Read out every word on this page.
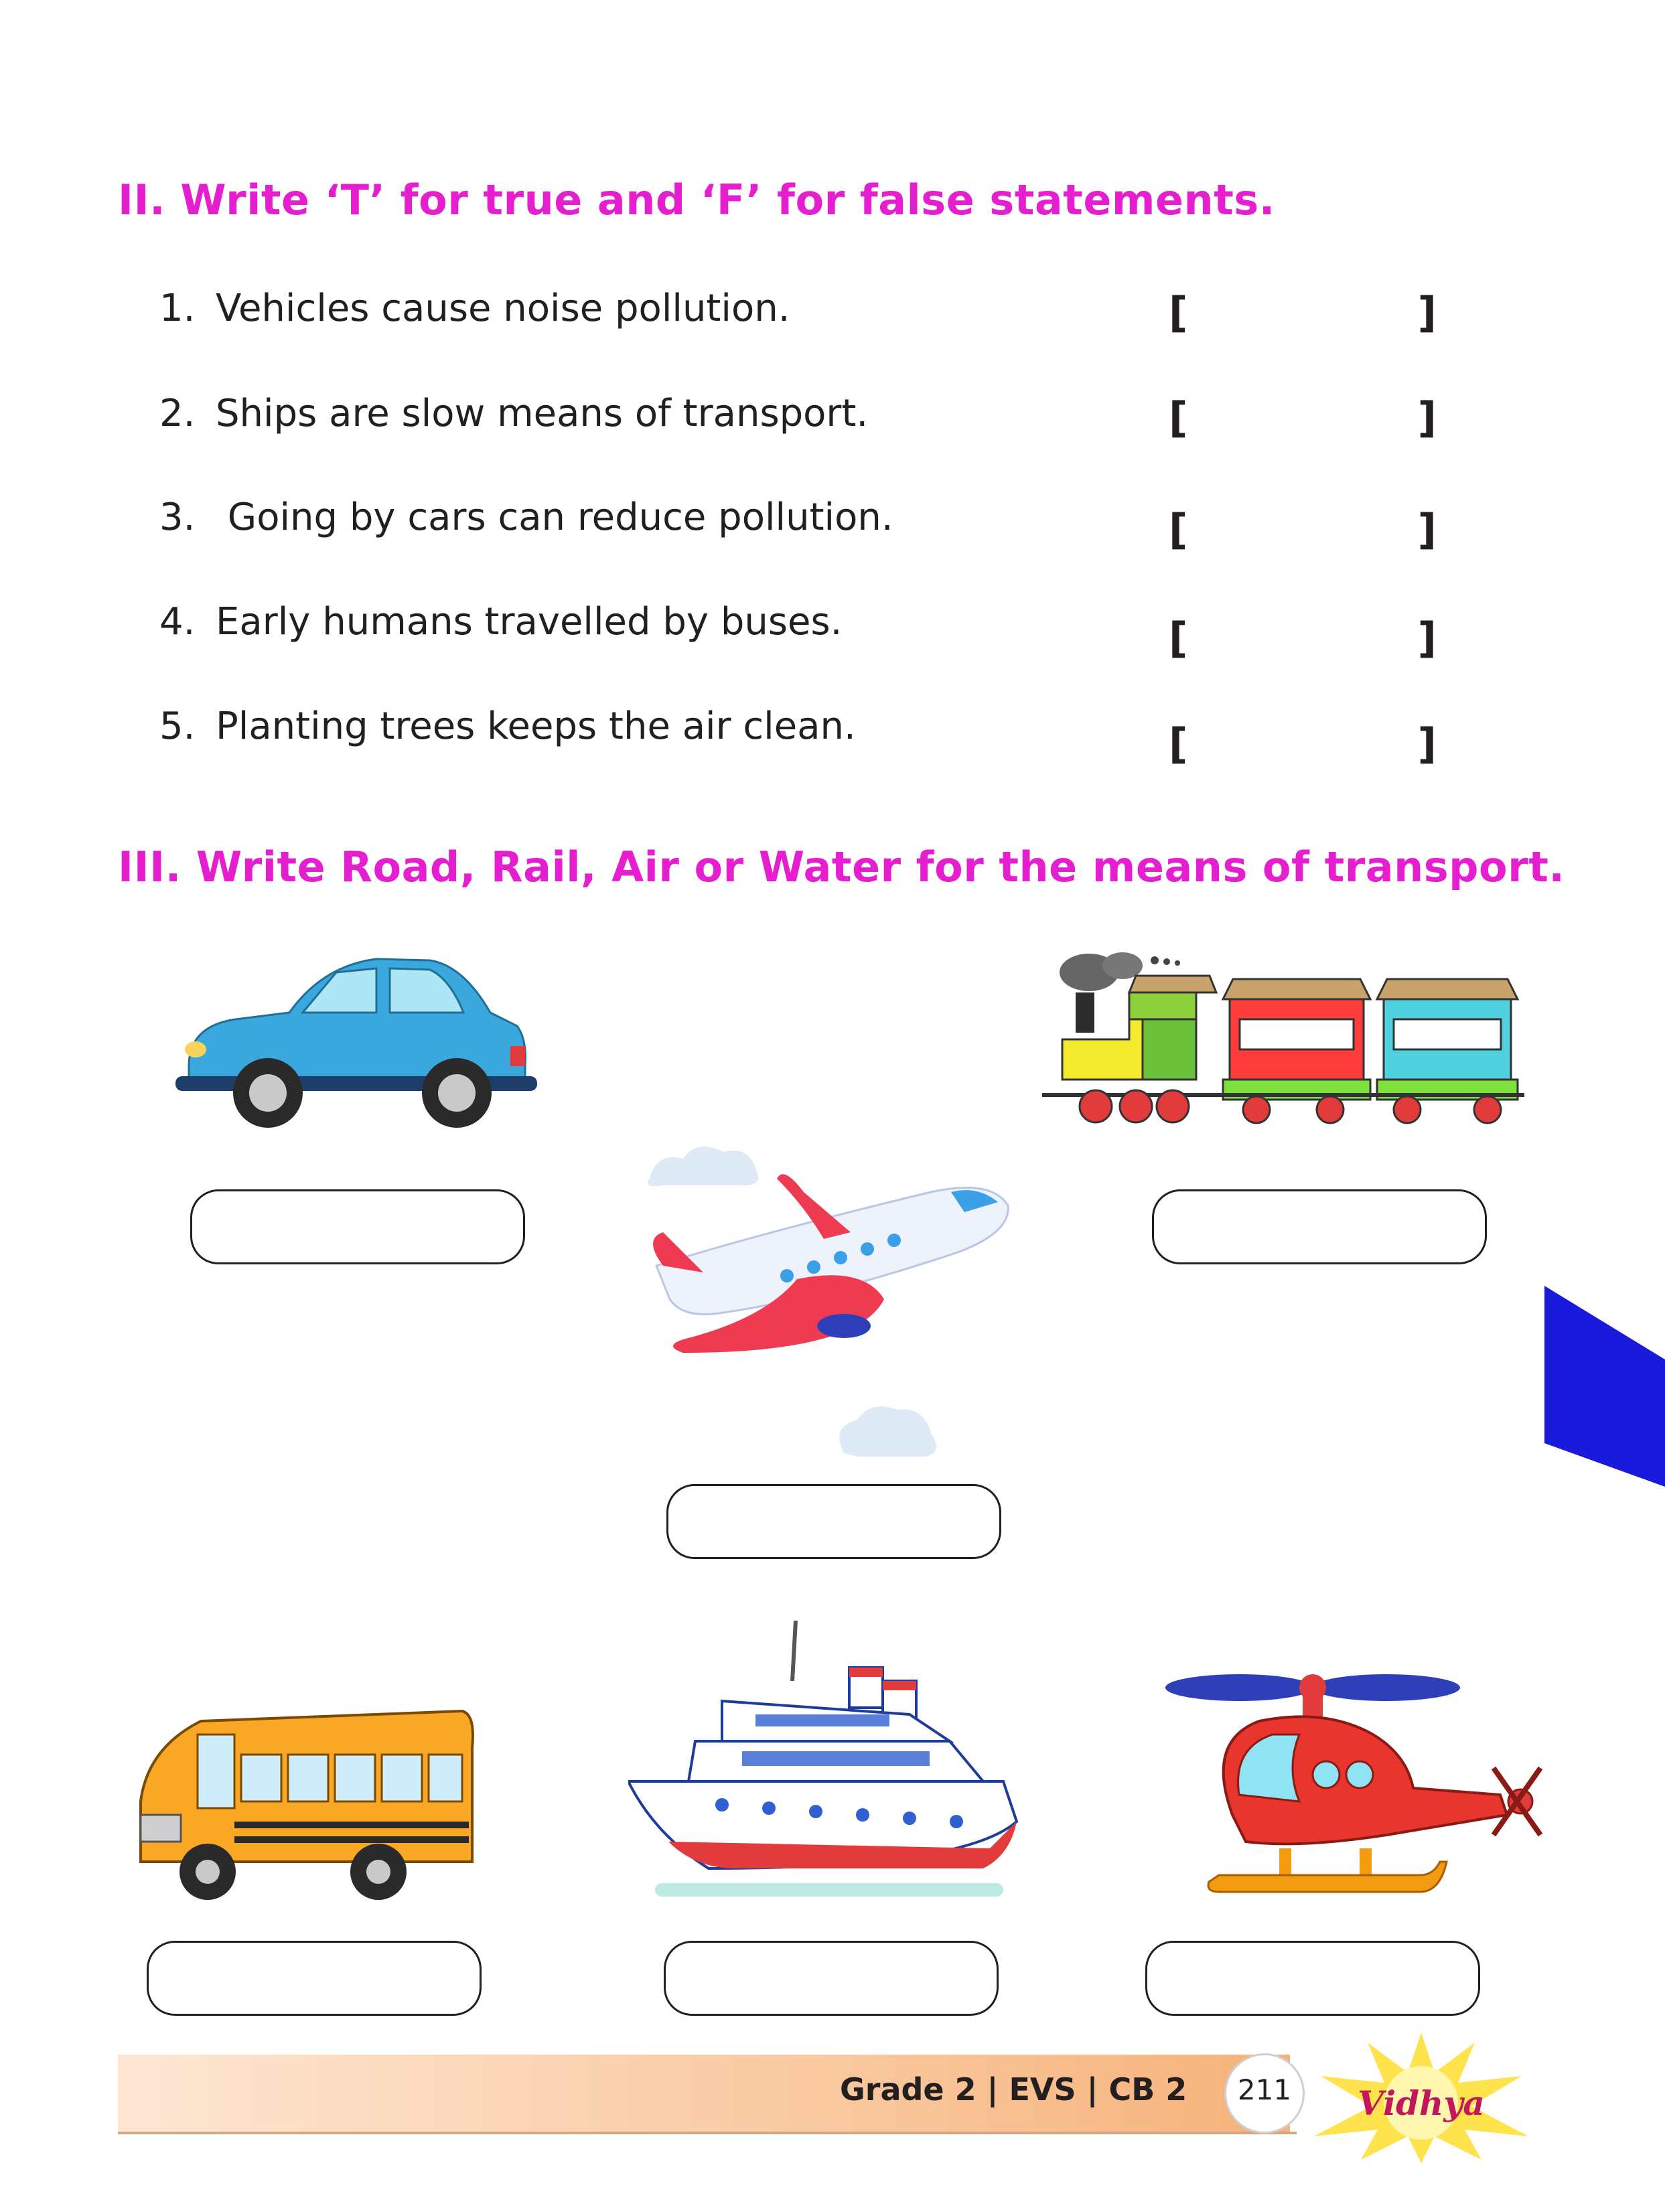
II. Write ‘T’ for true and ‘F’ for false statements.
1. Vehicles cause noise pollution.	[	]
2. Ships are slow means of transport.	[	]
3. Going by cars can reduce pollution.	[	]
4. Early humans travelled by buses.	[	]
5. Planting trees keeps the air clean.	[	]
III. Write Road, Rail, Air or Water for the means of transport.
Grade 2 | EVS | CB 2	211	Vidhya
